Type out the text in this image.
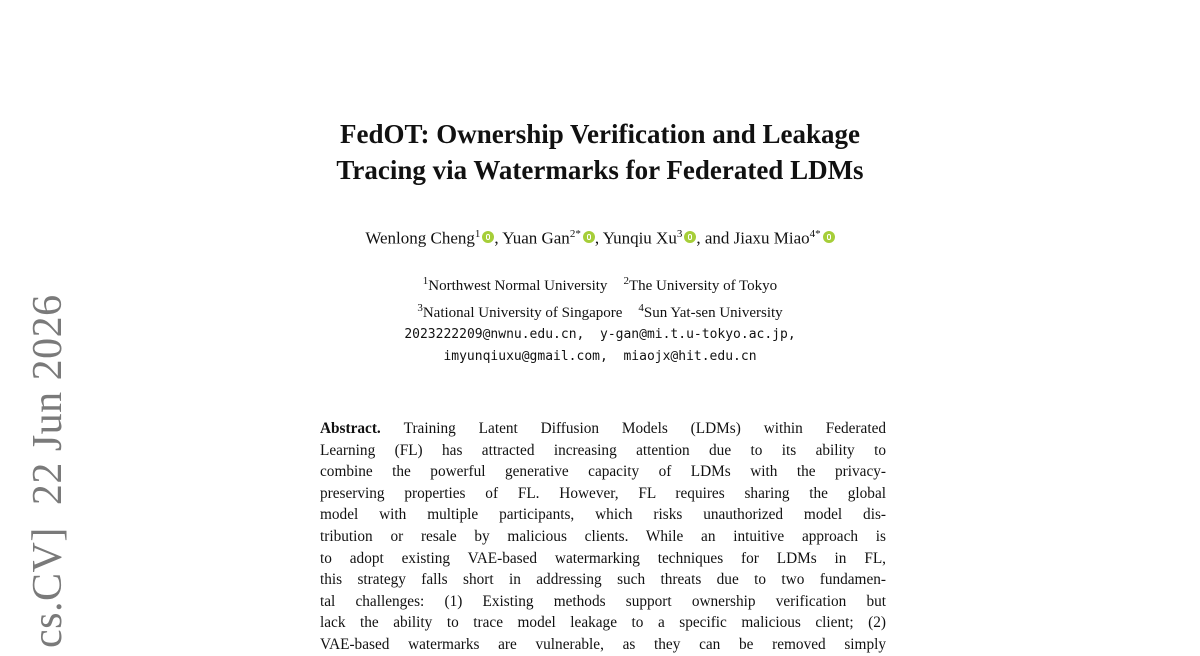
cs.CV]22 Jun 2026
FedOT: Ownership Verification and Leakage
Tracing via Watermarks for Federated LDMs
Wenlong Cheng$^1$ , Yuan Gan$^{2*}$ , Yunqiu Xu$^3$ , and Jiaxu Miao$^{4*}$
$^1$Northwest Normal University $^2$The University of Tokyo
$^3$National University of Singapore $^4$Sun Yat-sen University
2023222209@nwnu.edu.cn,  y-gan@mi.t.u-tokyo.ac.jp,
imyunqiuxu@gmail.com,  miaojx@hit.edu.cn
Abstract. Training Latent Diffusion Models (LDMs) within Federated
Learning (FL) has attracted increasing attention due to its ability to
combine the powerful generative capacity of LDMs with the privacy-
preserving properties of FL. However, FL requires sharing the global
model with multiple participants, which risks unauthorized model dis-
tribution or resale by malicious clients. While an intuitive approach is
to adopt existing VAE-based watermarking techniques for LDMs in FL,
this strategy falls short in addressing such threats due to two fundamen-
tal challenges: (1) Existing methods support ownership verification but
lack the ability to trace model leakage to a specific malicious client; (2)
VAE-based watermarks are vulnerable, as they can be removed simply
